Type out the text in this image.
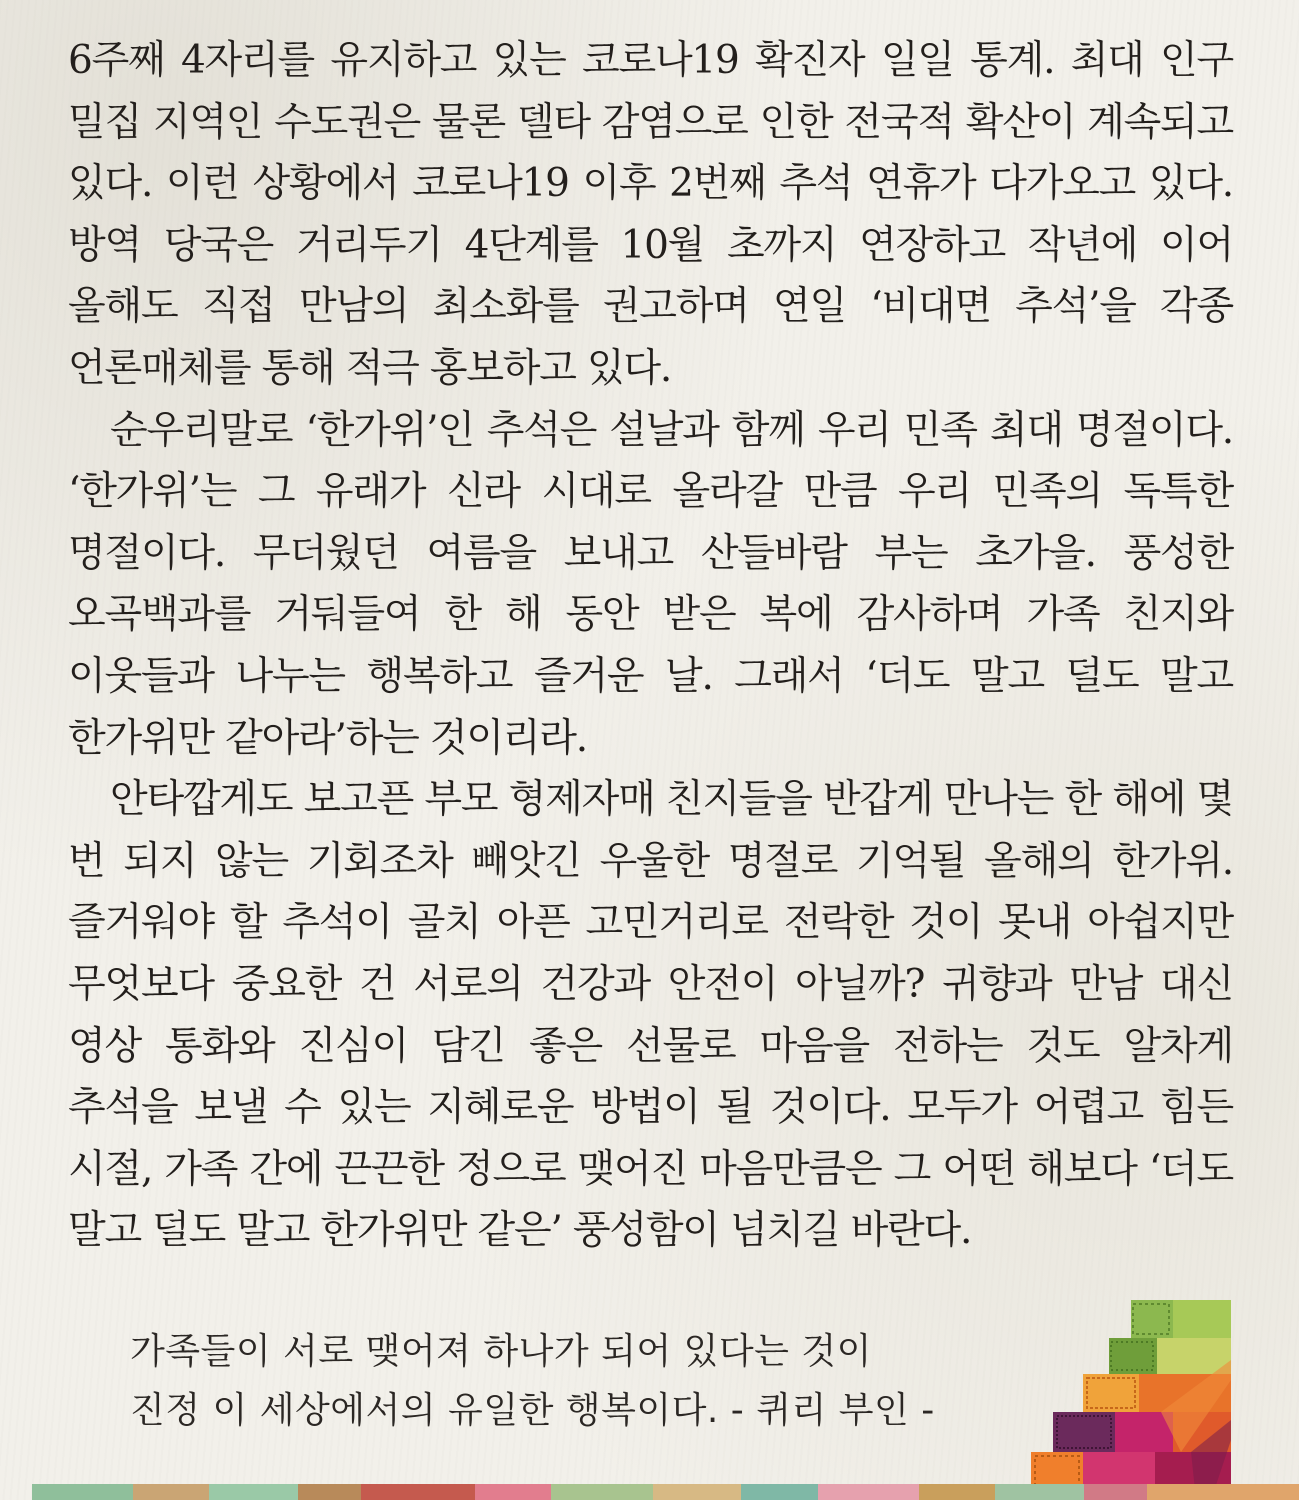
6주째 4자리를 유지하고 있는 코로나19 확진자 일일 통계. 최대 인구 밀집 지역인 수도권은 물론 델타 감염으로 인한 전국적 확산이 계속되고 있다. 이런 상황에서 코로나19 이후 2번째 추석 연휴가 다가오고 있다. 방역 당국은 거리두기 4단계를 10월 초까지 연장하고 작년에 이어 올해도 직접 만남의 최소화를 권고하며 연일 ‘비대면 추석’을 각종 언론매체를 통해 적극 홍보하고 있다.

순우리말로 ‘한가위’인 추석은 설날과 함께 우리 민족 최대 명절이다. ‘한가위’는 그 유래가 신라 시대로 올라갈 만큼 우리 민족의 독특한 명절이다. 무더웠던 여름을 보내고 산들바람 부는 초가을. 풍성한 오곡백과를 거둬들여 한 해 동안 받은 복에 감사하며 가족 친지와 이웃들과 나누는 행복하고 즐거운 날. 그래서 ‘더도 말고 덜도 말고 한가위만 같아라’하는 것이리라.

안타깝게도 보고픈 부모 형제자매 친지들을 반갑게 만나는 한 해에 몇 번 되지 않는 기회조차 빼앗긴 우울한 명절로 기억될 올해의 한가위. 즐거워야 할 추석이 골치 아픈 고민거리로 전락한 것이 못내 아쉽지만 무엇보다 중요한 건 서로의 건강과 안전이 아닐까? 귀향과 만남 대신 영상 통화와 진심이 담긴 좋은 선물로 마음을 전하는 것도 알차게 추석을 보낼 수 있는 지혜로운 방법이 될 것이다. 모두가 어렵고 힘든 시절, 가족 간에 끈끈한 정으로 맺어진 마음만큼은 그 어떤 해보다 ‘더도 말고 덜도 말고 한가위만 같은’ 풍성함이 넘치길 바란다.

가족들이 서로 맺어져 하나가 되어 있다는 것이
진정 이 세상에서의 유일한 행복이다. - 퀴리 부인 -
